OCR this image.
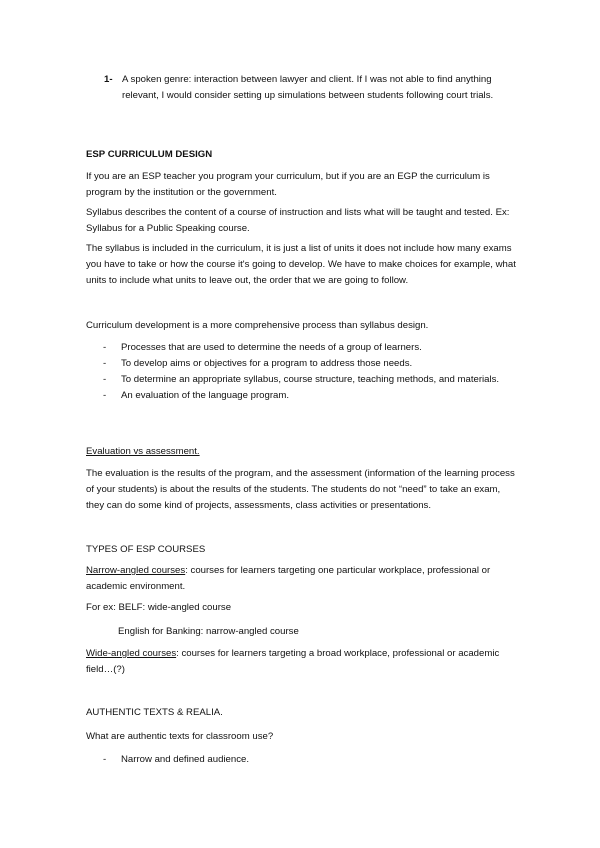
1- A spoken genre: interaction between lawyer and client. If I was not able to find anything relevant, I would consider setting up simulations between students following court trials.

ESP CURRICULUM DESIGN

If you are an ESP teacher you program your curriculum, but if you are an EGP the curriculum is program by the institution or the government.

Syllabus describes the content of a course of instruction and lists what will be taught and tested. Ex: Syllabus for a Public Speaking course.

The syllabus is included in the curriculum, it is just a list of units it does not include how many exams you have to take or how the course it's going to develop. We have to make choices for example, what units to include what units to leave out, the order that we are going to follow.

Curriculum development is a more comprehensive process than syllabus design.

- Processes that are used to determine the needs of a group of learners.
- To develop aims or objectives for a program to address those needs.
- To determine an appropriate syllabus, course structure, teaching methods, and materials.
- An evaluation of the language program.

Evaluation vs assessment.

The evaluation is the results of the program, and the assessment (information of the learning process of your students) is about the results of the students. The students do not “need” to take an exam, they can do some kind of projects, assessments, class activities or presentations.

TYPES OF ESP COURSES

Narrow-angled courses: courses for learners targeting one particular workplace, professional or academic environment.

For ex: BELF: wide-angled course

English for Banking: narrow-angled course

Wide-angled courses: courses for learners targeting a broad workplace, professional or academic field…(?)

AUTHENTIC TEXTS & REALIA.

What are authentic texts for classroom use?

- Narrow and defined audience.
